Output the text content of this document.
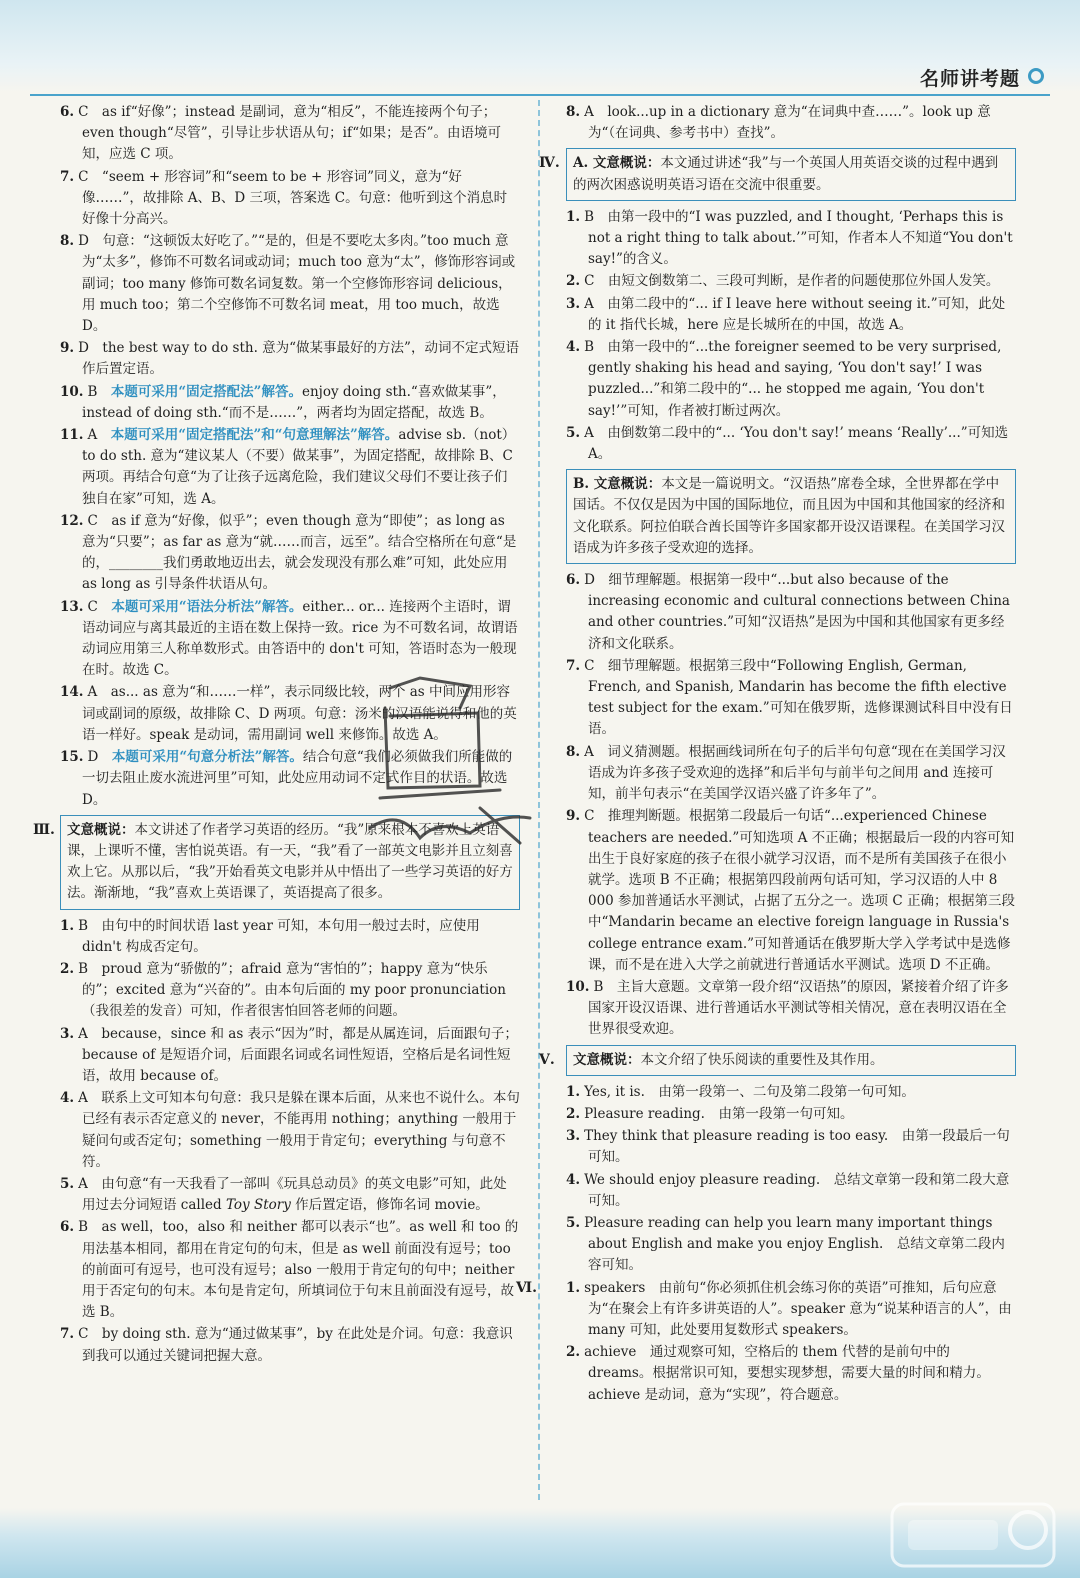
名师讲考题
6. C　as if“好像”；instead 是副词，意为“相反”，不能连接两个句子；even though“尽管”，引导让步状语从句；if“如果；是否”。由语境可知，应选 C 项。
7. C　“seem + 形容词”和“seem to be + 形容词”同义，意为“好像……”，故排除 A、B、D 三项，答案选 C。句意：他听到这个消息时好像十分高兴。
8. D　句意：“这顿饭太好吃了。”“是的，但是不要吃太多肉。”too much 意为“太多”，修饰不可数名词或动词；much too 意为“太”，修饰形容词或副词；too many 修饰可数名词复数。第一个空修饰形容词 delicious，用 much too；第二个空修饰不可数名词 meat，用 too much，故选 D。
9. D　the best way to do sth. 意为“做某事最好的方法”，动词不定式短语作后置定语。
10. B　本题可采用“固定搭配法”解答。enjoy doing sth.“喜欢做某事”，instead of doing sth.“而不是……”，两者均为固定搭配，故选 B。
11. A　本题可采用“固定搭配法”和“句意理解法”解答。advise sb.（not） to do sth. 意为“建议某人（不要）做某事”，为固定搭配，故排除 B、C 两项。再结合句意“为了让孩子远离危险，我们建议父母们不要让孩子们独自在家”可知，选 A。
12. C　as if 意为“好像，似乎”；even though 意为“即使”；as long as 意为“只要”；as far as 意为“就……而言，远至”。结合空格所在句意“是的，________我们勇敢地迈出去，就会发现没有那么难”可知，此处应用 as long as 引导条件状语从句。
13. C　本题可采用“语法分析法”解答。either... or... 连接两个主语时，谓语动词应与离其最近的主语在数上保持一致。rice 为不可数名词，故谓语动词应用第三人称单数形式。由答语中的 don't 可知，答语时态为一般现在时。故选 C。
14. A　as... as 意为“和……一样”，表示同级比较，两个 as 中间应用形容词或副词的原级，故排除 C、D 两项。句意：汤米的汉语能说得和他的英语一样好。speak 是动词，需用副词 well 来修饰。故选 A。
15. D　本题可采用“句意分析法”解答。结合句意“我们必须做我们所能做的一切去阻止废水流进河里”可知，此处应用动词不定式作目的状语。故选 D。
Ⅲ. 文意概说：本文讲述了作者学习英语的经历。“我”原来根本不喜欢上英语课，上课听不懂，害怕说英语。有一天，“我”看了一部英文电影并且立刻喜欢上它。从那以后，“我”开始看英文电影并从中悟出了一些学习英语的好方法。渐渐地，“我”喜欢上英语课了，英语提高了很多。
1. B　由句中的时间状语 last year 可知，本句用一般过去时，应使用 didn't 构成否定句。
2. B　proud 意为“骄傲的”；afraid 意为“害怕的”；happy 意为“快乐的”；excited 意为“兴奋的”。由本句后面的 my poor pronunciation（我很差的发音）可知，作者很害怕回答老师的问题。
3. A　because，since 和 as 表示“因为”时，都是从属连词，后面跟句子；because of 是短语介词，后面跟名词或名词性短语，空格后是名词性短语，故用 because of。
4. A　联系上文可知本句句意：我只是躲在课本后面，从来也不说什么。本句已经有表示否定意义的 never，不能再用 nothing；anything 一般用于疑问句或否定句；something 一般用于肯定句；everything 与句意不符。
5. A　由句意“有一天我看了一部叫《玩具总动员》的英文电影”可知，此处用过去分词短语 called Toy Story 作后置定语，修饰名词 movie。
6. B　as well，too，also 和 neither 都可以表示“也”。as well 和 too 的用法基本相同，都用在肯定句的句末，但是 as well 前面没有逗号；too 的前面可有逗号，也可没有逗号；also 一般用于肯定句的句中；neither 用于否定句的句末。本句是肯定句，所填词位于句末且前面没有逗号，故选 B。
7. C　by doing sth. 意为“通过做某事”，by 在此处是介词。句意：我意识到我可以通过关键词把握大意。
8. A　look...up in a dictionary 意为“在词典中查……”。look up 意为“（在词典、参考书中）查找”。
Ⅳ. A. 文意概说：本文通过讲述“我”与一个英国人用英语交谈的过程中遇到的两次困惑说明英语习语在交流中很重要。
1. B　由第一段中的“I was puzzled, and I thought, ‘Perhaps this is not a right thing to talk about.’”可知，作者本人不知道“You don't say!”的含义。
2. C　由短文倒数第二、三段可判断，是作者的问题使那位外国人发笑。
3. A　由第二段中的“... if I leave here without seeing it.”可知，此处的 it 指代长城，here 应是长城所在的中国，故选 A。
4. B　由第一段中的“...the foreigner seemed to be very surprised, gently shaking his head and saying, ‘You don't say!’ I was puzzled...”和第二段中的“... he stopped me again, ‘You don't say!’”可知，作者被打断过两次。
5. A　由倒数第二段中的“... ‘You don't say!’ means ‘Really’...”可知选 A。
B. 文意概说：本文是一篇说明文。“汉语热”席卷全球，全世界都在学中国话。不仅仅是因为中国的国际地位，而且因为中国和其他国家的经济和文化联系。阿拉伯联合酋长国等许多国家都开设汉语课程。在美国学习汉语成为许多孩子受欢迎的选择。
6. D　细节理解题。根据第一段中“...but also because of the increasing economic and cultural connections between China and other countries.”可知“汉语热”是因为中国和其他国家有更多经济和文化联系。
7. C　细节理解题。根据第三段中“Following English, German, French, and Spanish, Mandarin has become the fifth elective test subject for the exam.”可知在俄罗斯，选修课测试科目中没有日语。
8. A　词义猜测题。根据画线词所在句子的后半句句意“现在在美国学习汉语成为许多孩子受欢迎的选择”和后半句与前半句之间用 and 连接可知，前半句表示“在美国学汉语兴盛了许多年了”。
9. C　推理判断题。根据第二段最后一句话“...experienced Chinese teachers are needed.”可知选项 A 不正确；根据最后一段的内容可知出生于良好家庭的孩子在很小就学习汉语，而不是所有美国孩子在很小就学。选项 B 不正确；根据第四段前两句话可知，学习汉语的人中 8 000 参加普通话水平测试，占据了五分之一。选项 C 正确；根据第三段中“Mandarin became an elective foreign language in Russia's college entrance exam.”可知普通话在俄罗斯大学入学考试中是选修课，而不是在进入大学之前就进行普通话水平测试。选项 D 不正确。
10. B　主旨大意题。文章第一段介绍“汉语热”的原因，紧接着介绍了许多国家开设汉语课、进行普通话水平测试等相关情况，意在表明汉语在全世界很受欢迎。
Ⅴ. 文意概说：本文介绍了快乐阅读的重要性及其作用。
1. Yes, it is.　由第一段第一、二句及第二段第一句可知。
2. Pleasure reading.　由第一段第一句可知。
3. They think that pleasure reading is too easy.　由第一段最后一句可知。
4. We should enjoy pleasure reading.　总结文章第一段和第二段大意可知。
5. Pleasure reading can help you learn many important things about English and make you enjoy English.　总结文章第二段内容可知。
Ⅵ. 1. speakers　由前句“你必须抓住机会练习你的英语”可推知，后句应意为“在聚会上有许多讲英语的人”。speaker 意为“说某种语言的人”，由 many 可知，此处要用复数形式 speakers。
2. achieve　通过观察可知，空格后的 them 代替的是前句中的 dreams。根据常识可知，要想实现梦想，需要大量的时间和精力。achieve 是动词，意为“实现”，符合题意。
